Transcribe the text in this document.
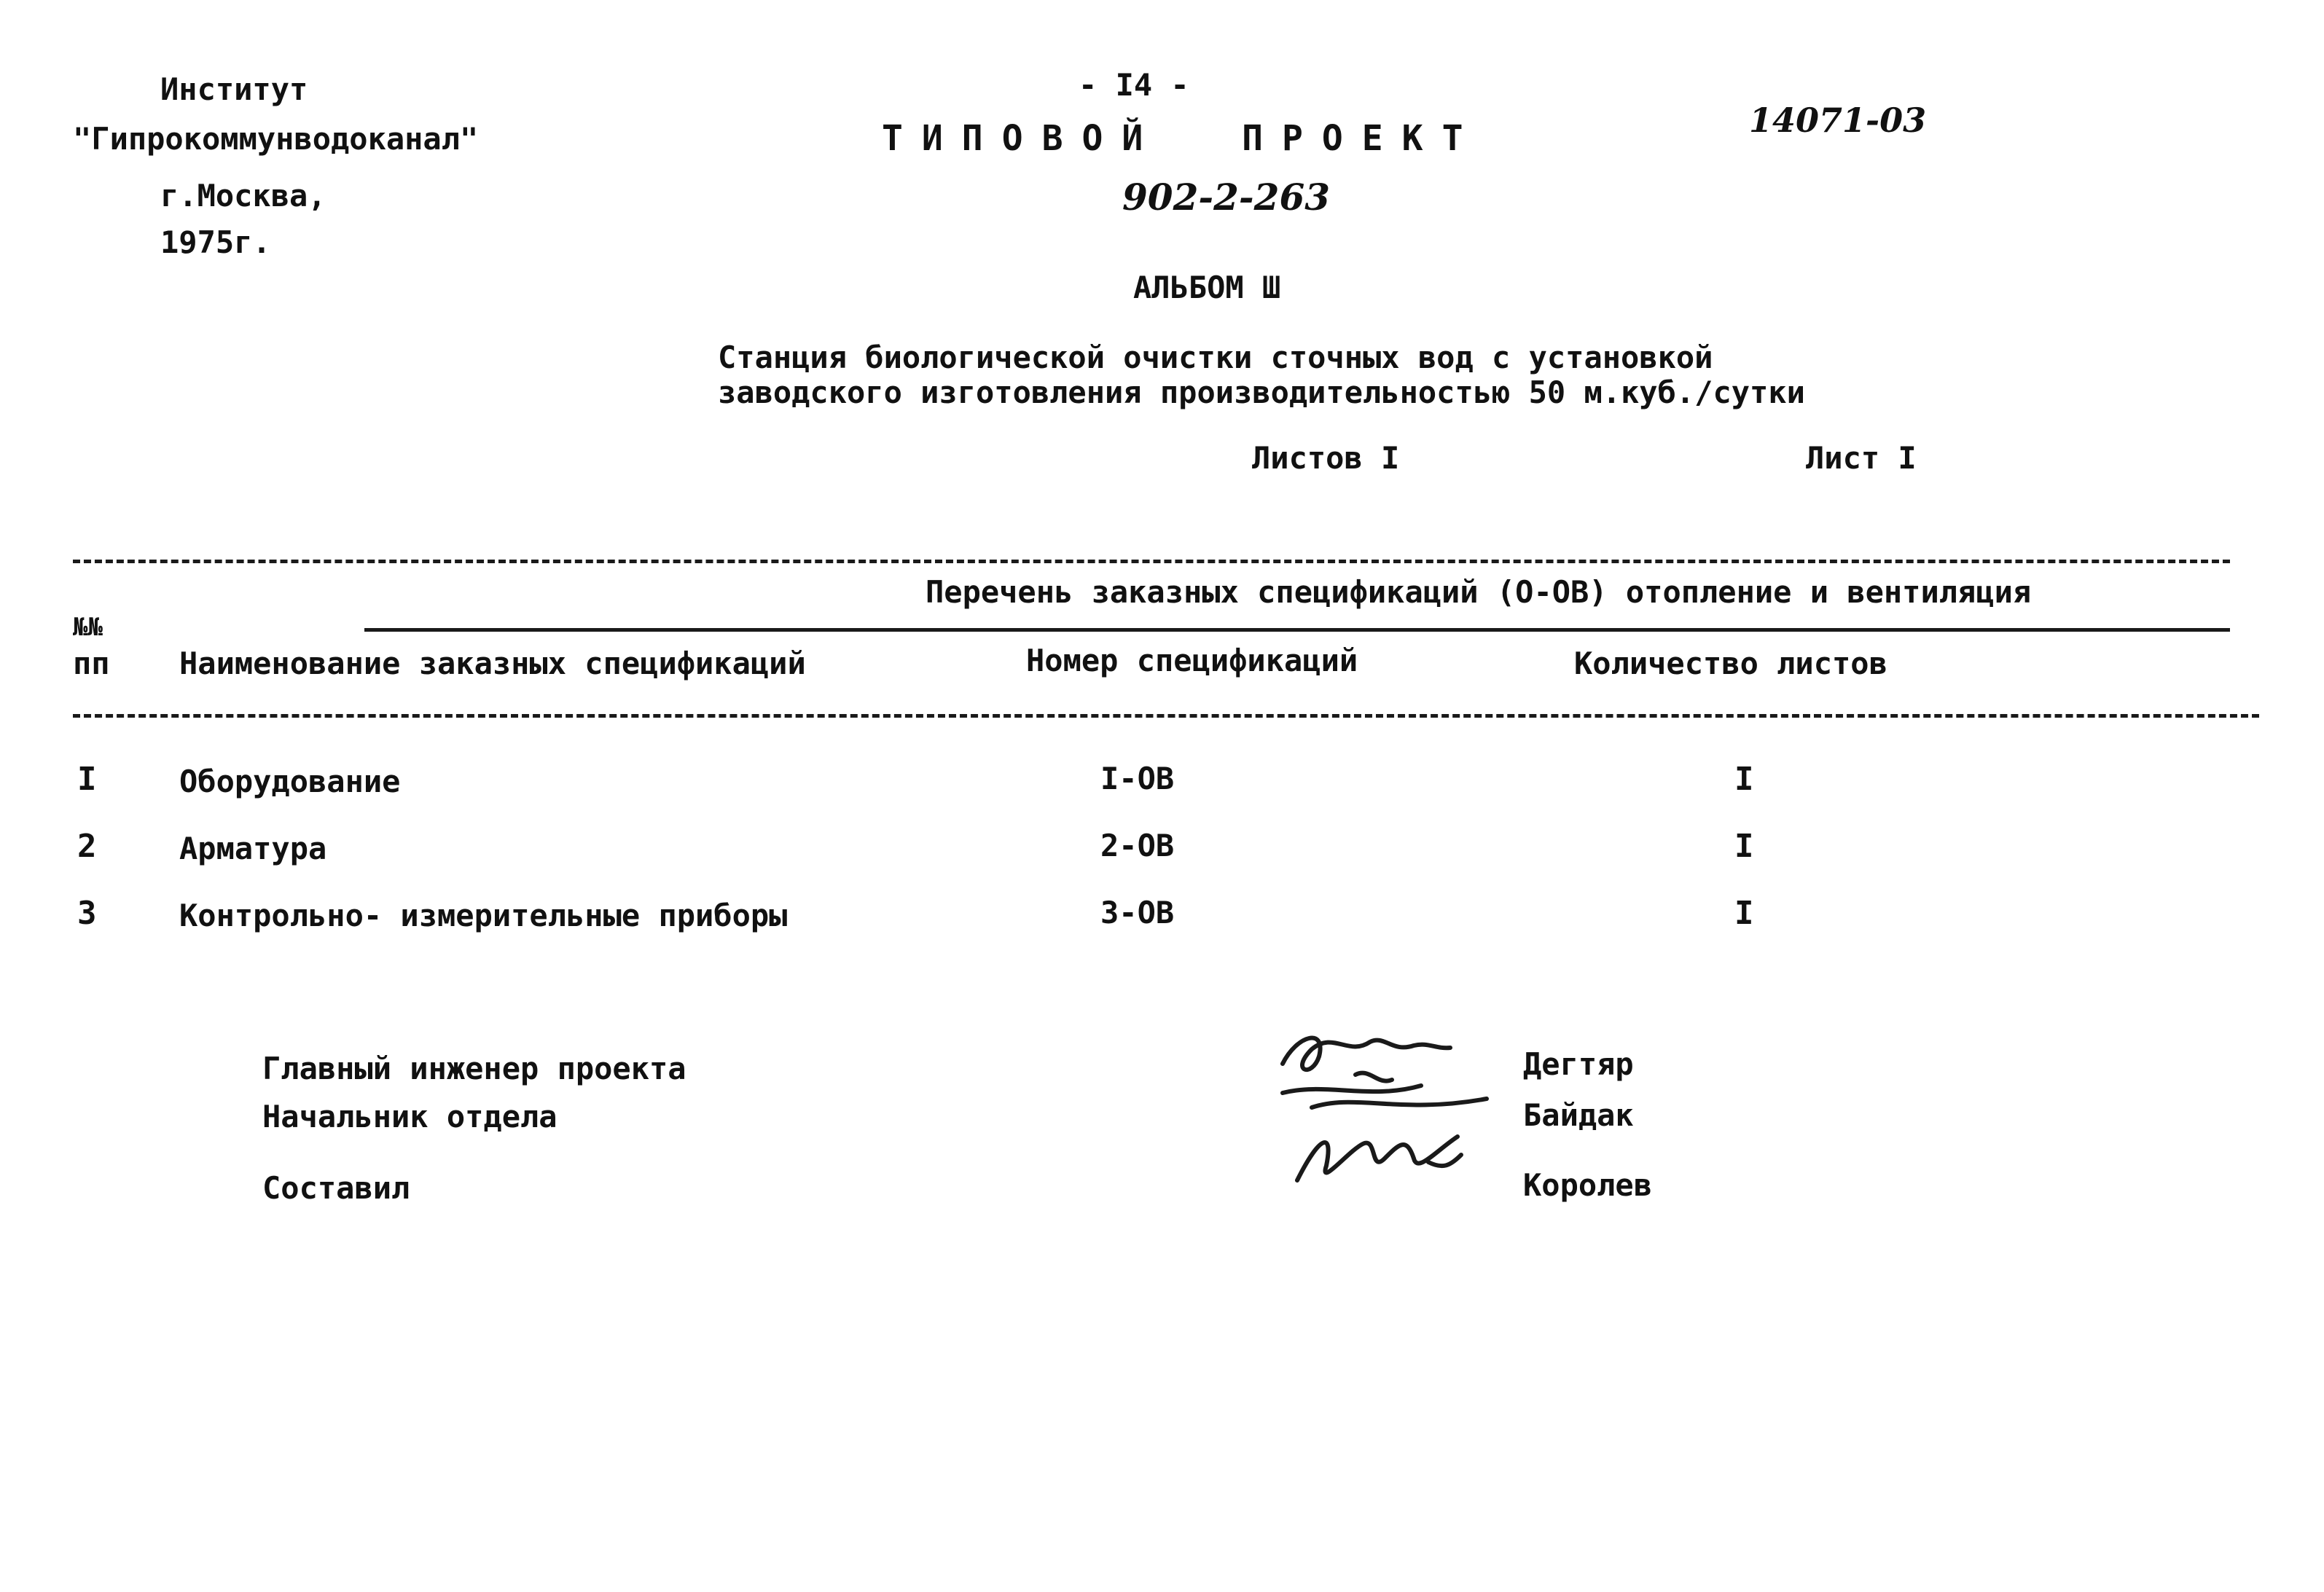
Институт
"Гипрокоммунводоканал"
г.Москва,
1975г.
- I4 -
ТИПОВОЙ  ПРОЕКТ
902-2-263
14071-03
АЛЬБОМ Ш
Станция биологической очистки сточных вод с установкой
заводского изготовления производительностью 50 м.куб./сутки
Листов I	Лист I
Перечень заказных спецификаций (О-ОВ) отопление и вентиляция
№№
пп Наименование заказных спецификаций	Номер спецификаций	Количество листов
I	Оборудование	I-ОВ	I
2	Арматура	2-ОВ	I
3	Контрольно- измерительные приборы	3-ОВ	I
Главный инженер проекта
Начальник отдела
Составил
Дегтяр
Байдак
Королев
